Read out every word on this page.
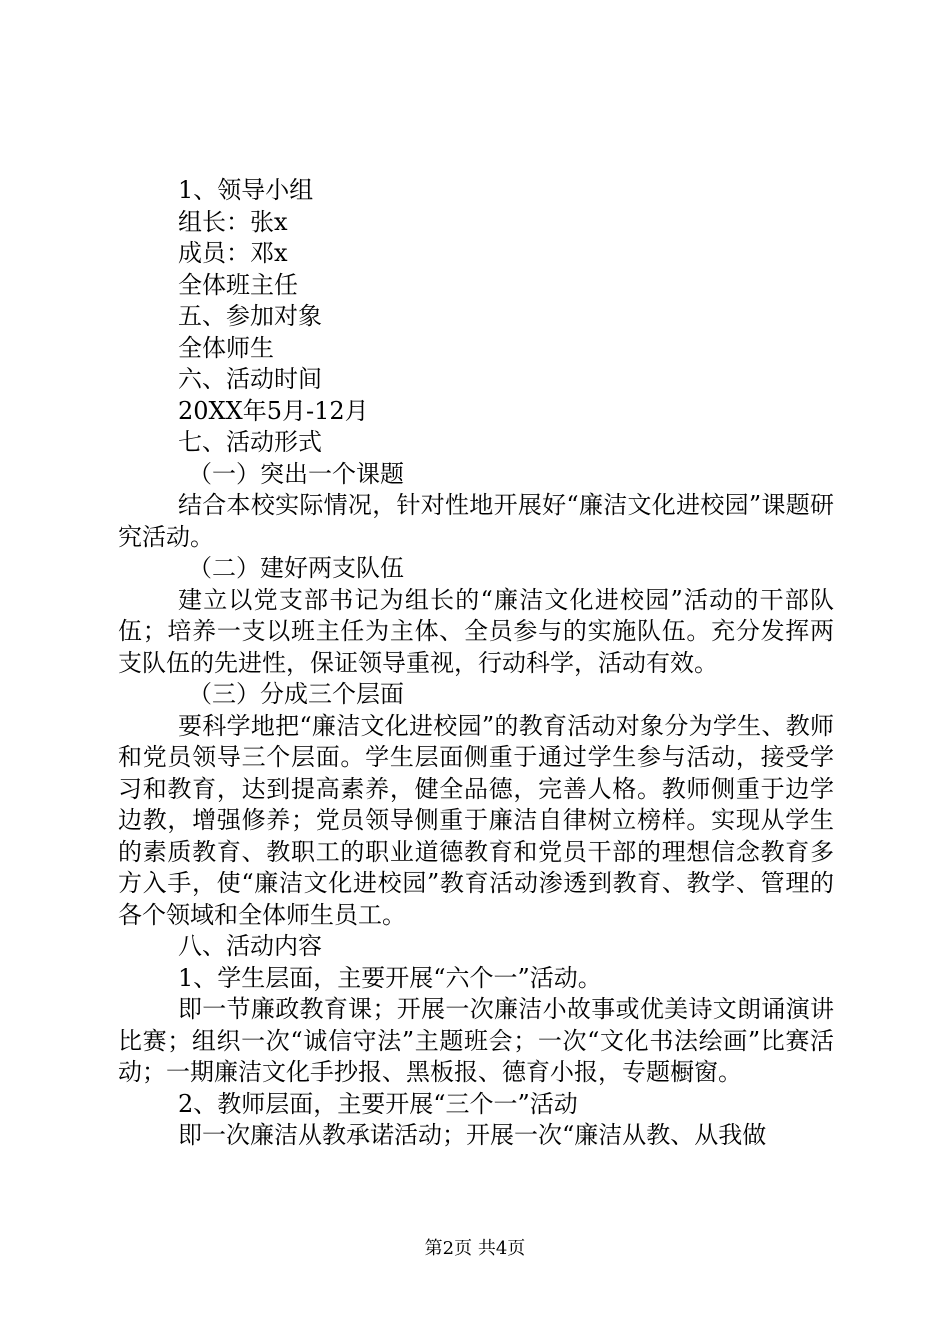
1、领导小组

组长：张x

成员：邓x

全体班主任

五、参加对象

全体师生

六、活动时间

20XX年5月-12月

七、活动形式

（一）突出一个课题

结合本校实际情况，针对性地开展好“廉洁文化进校园”课题研究活动。

（二）建好两支队伍

建立以党支部书记为组长的“廉洁文化进校园”活动的干部队伍；培养一支以班主任为主体、全员参与的实施队伍。充分发挥两支队伍的先进性，保证领导重视，行动科学，活动有效。

（三）分成三个层面

要科学地把“廉洁文化进校园”的教育活动对象分为学生、教师和党员领导三个层面。学生层面侧重于通过学生参与活动，接受学习和教育，达到提高素养，健全品德，完善人格。教师侧重于边学边教，增强修养；党员领导侧重于廉洁自律树立榜样。实现从学生的素质教育、教职工的职业道德教育和党员干部的理想信念教育多方入手，使“廉洁文化进校园”教育活动渗透到教育、教学、管理的各个领域和全体师生员工。

八、活动内容

1、学生层面，主要开展“六个一”活动。

即一节廉政教育课；开展一次廉洁小故事或优美诗文朗诵演讲比赛；组织一次“诚信守法”主题班会；一次“文化书法绘画”比赛活动；一期廉洁文化手抄报、黑板报、德育小报，专题橱窗。

2、教师层面，主要开展“三个一”活动

即一次廉洁从教承诺活动；开展一次“廉洁从教、从我做

第2页 共4页
